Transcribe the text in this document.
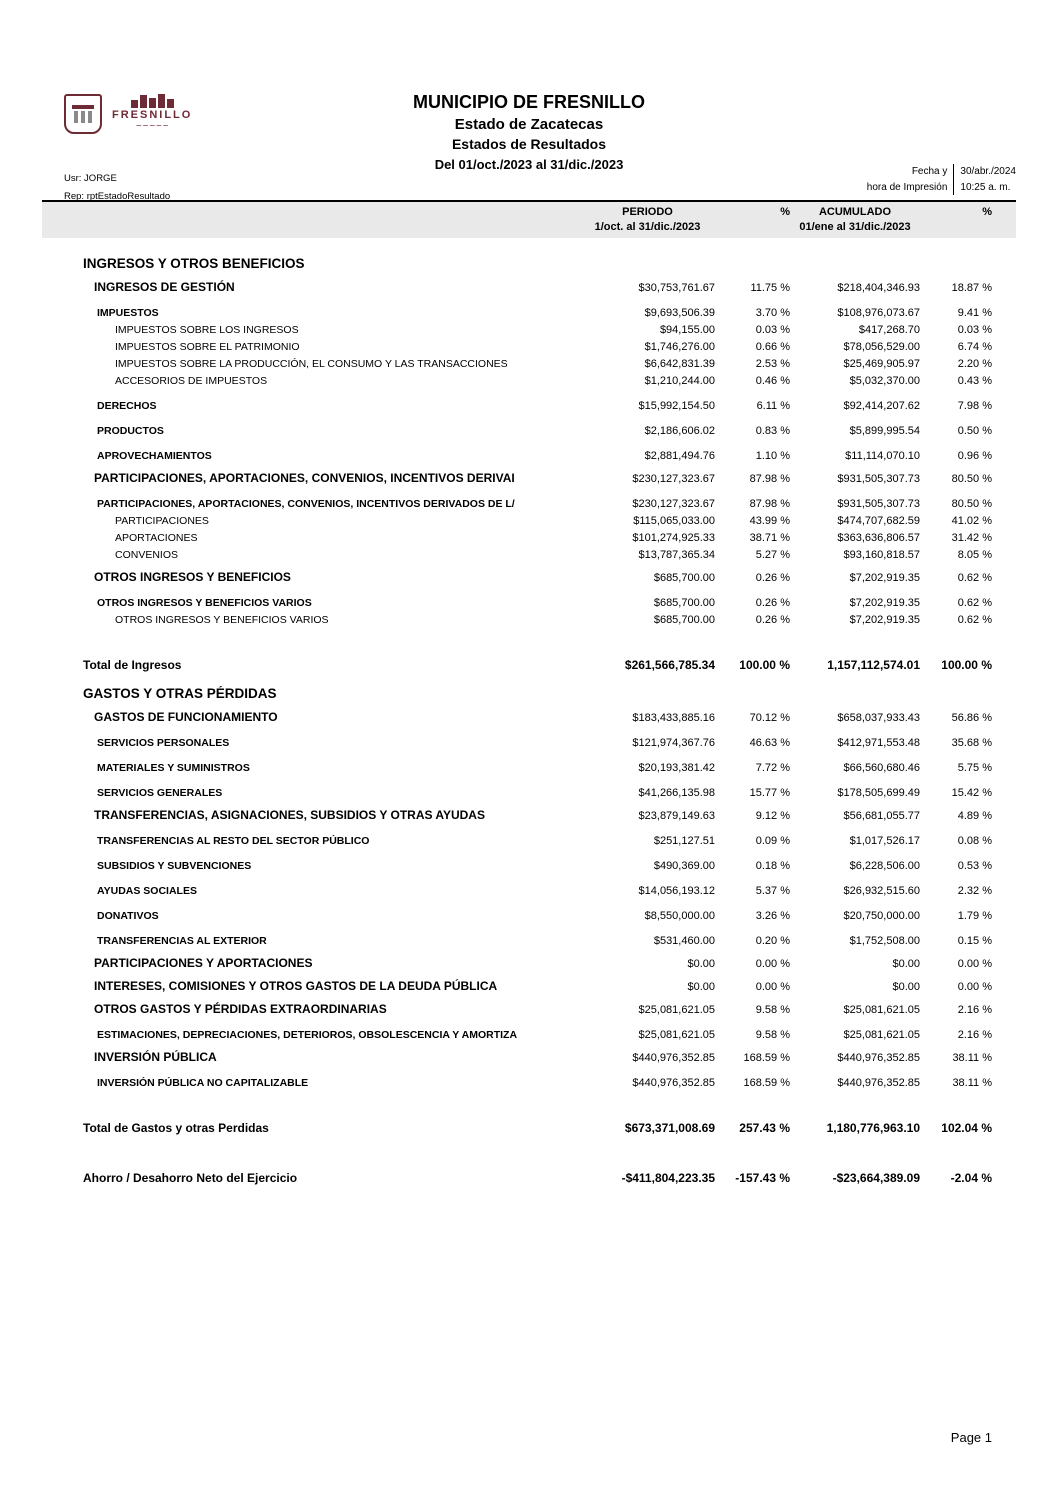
FRESNILLO
~~~~~
MUNICIPIO DE FRESNILLO
Estado de Zacatecas
Estados de Resultados
Del 01/oct./2023 al 31/dic./2023
Usr: JORGE
Rep: rptEstadoResultado
Fecha y
hora de Impresión
30/abr./2024
10:25 a. m.
PERIODO
1/oct. al 31/dic./2023
%	ACUMULADO
01/ene al 31/dic./2023
%
INGRESOS Y OTROS BENEFICIOS
INGRESOS DE GESTIÓN	$30,753,761.67	11.75 %	$218,404,346.93	18.87 %
IMPUESTOS	$9,693,506.39	3.70 %	$108,976,073.67	9.41 %
IMPUESTOS SOBRE LOS INGRESOS	$94,155.00	0.03 %	$417,268.70	0.03 %
IMPUESTOS SOBRE EL PATRIMONIO	$1,746,276.00	0.66 %	$78,056,529.00	6.74 %
IMPUESTOS SOBRE LA PRODUCCIÓN, EL CONSUMO Y LAS TRANSACCIONES	$6,642,831.39	2.53 %	$25,469,905.97	2.20 %
ACCESORIOS DE IMPUESTOS	$1,210,244.00	0.46 %	$5,032,370.00	0.43 %
DERECHOS	$15,992,154.50	6.11 %	$92,414,207.62	7.98 %
PRODUCTOS	$2,186,606.02	0.83 %	$5,899,995.54	0.50 %
APROVECHAMIENTOS	$2,881,494.76	1.10 %	$11,114,070.10	0.96 %
PARTICIPACIONES, APORTACIONES, CONVENIOS, INCENTIVOS DERIVAI	$230,127,323.67	87.98 %	$931,505,307.73	80.50 %
PARTICIPACIONES, APORTACIONES, CONVENIOS, INCENTIVOS DERIVADOS DE L/	$230,127,323.67	87.98 %	$931,505,307.73	80.50 %
PARTICIPACIONES	$115,065,033.00	43.99 %	$474,707,682.59	41.02 %
APORTACIONES	$101,274,925.33	38.71 %	$363,636,806.57	31.42 %
CONVENIOS	$13,787,365.34	5.27 %	$93,160,818.57	8.05 %
OTROS INGRESOS Y BENEFICIOS	$685,700.00	0.26 %	$7,202,919.35	0.62 %
OTROS INGRESOS Y BENEFICIOS VARIOS	$685,700.00	0.26 %	$7,202,919.35	0.62 %
OTROS INGRESOS Y BENEFICIOS VARIOS	$685,700.00	0.26 %	$7,202,919.35	0.62 %
Total de Ingresos	$261,566,785.34	100.00 %	1,157,112,574.01	100.00 %
GASTOS Y OTRAS PÉRDIDAS
GASTOS DE FUNCIONAMIENTO	$183,433,885.16	70.12 %	$658,037,933.43	56.86 %
SERVICIOS PERSONALES	$121,974,367.76	46.63 %	$412,971,553.48	35.68 %
MATERIALES Y SUMINISTROS	$20,193,381.42	7.72 %	$66,560,680.46	5.75 %
SERVICIOS GENERALES	$41,266,135.98	15.77 %	$178,505,699.49	15.42 %
TRANSFERENCIAS, ASIGNACIONES, SUBSIDIOS Y OTRAS AYUDAS	$23,879,149.63	9.12 %	$56,681,055.77	4.89 %
TRANSFERENCIAS AL RESTO DEL SECTOR PÚBLICO	$251,127.51	0.09 %	$1,017,526.17	0.08 %
SUBSIDIOS Y SUBVENCIONES	$490,369.00	0.18 %	$6,228,506.00	0.53 %
AYUDAS SOCIALES	$14,056,193.12	5.37 %	$26,932,515.60	2.32 %
DONATIVOS	$8,550,000.00	3.26 %	$20,750,000.00	1.79 %
TRANSFERENCIAS AL EXTERIOR	$531,460.00	0.20 %	$1,752,508.00	0.15 %
PARTICIPACIONES Y APORTACIONES	$0.00	0.00 %	$0.00	0.00 %
INTERESES, COMISIONES Y OTROS GASTOS DE LA DEUDA PÚBLICA	$0.00	0.00 %	$0.00	0.00 %
OTROS GASTOS Y PÉRDIDAS EXTRAORDINARIAS	$25,081,621.05	9.58 %	$25,081,621.05	2.16 %
ESTIMACIONES, DEPRECIACIONES, DETERIOROS, OBSOLESCENCIA Y AMORTIZA	$25,081,621.05	9.58 %	$25,081,621.05	2.16 %
INVERSIÓN PÚBLICA	$440,976,352.85	168.59 %	$440,976,352.85	38.11 %
INVERSIÓN PÚBLICA NO CAPITALIZABLE	$440,976,352.85	168.59 %	$440,976,352.85	38.11 %
Total de Gastos y otras Perdidas	$673,371,008.69	257.43 %	1,180,776,963.10	102.04 %
Ahorro / Desahorro Neto del Ejercicio	-$411,804,223.35	-157.43 %	-$23,664,389.09	-2.04 %
Page 1
